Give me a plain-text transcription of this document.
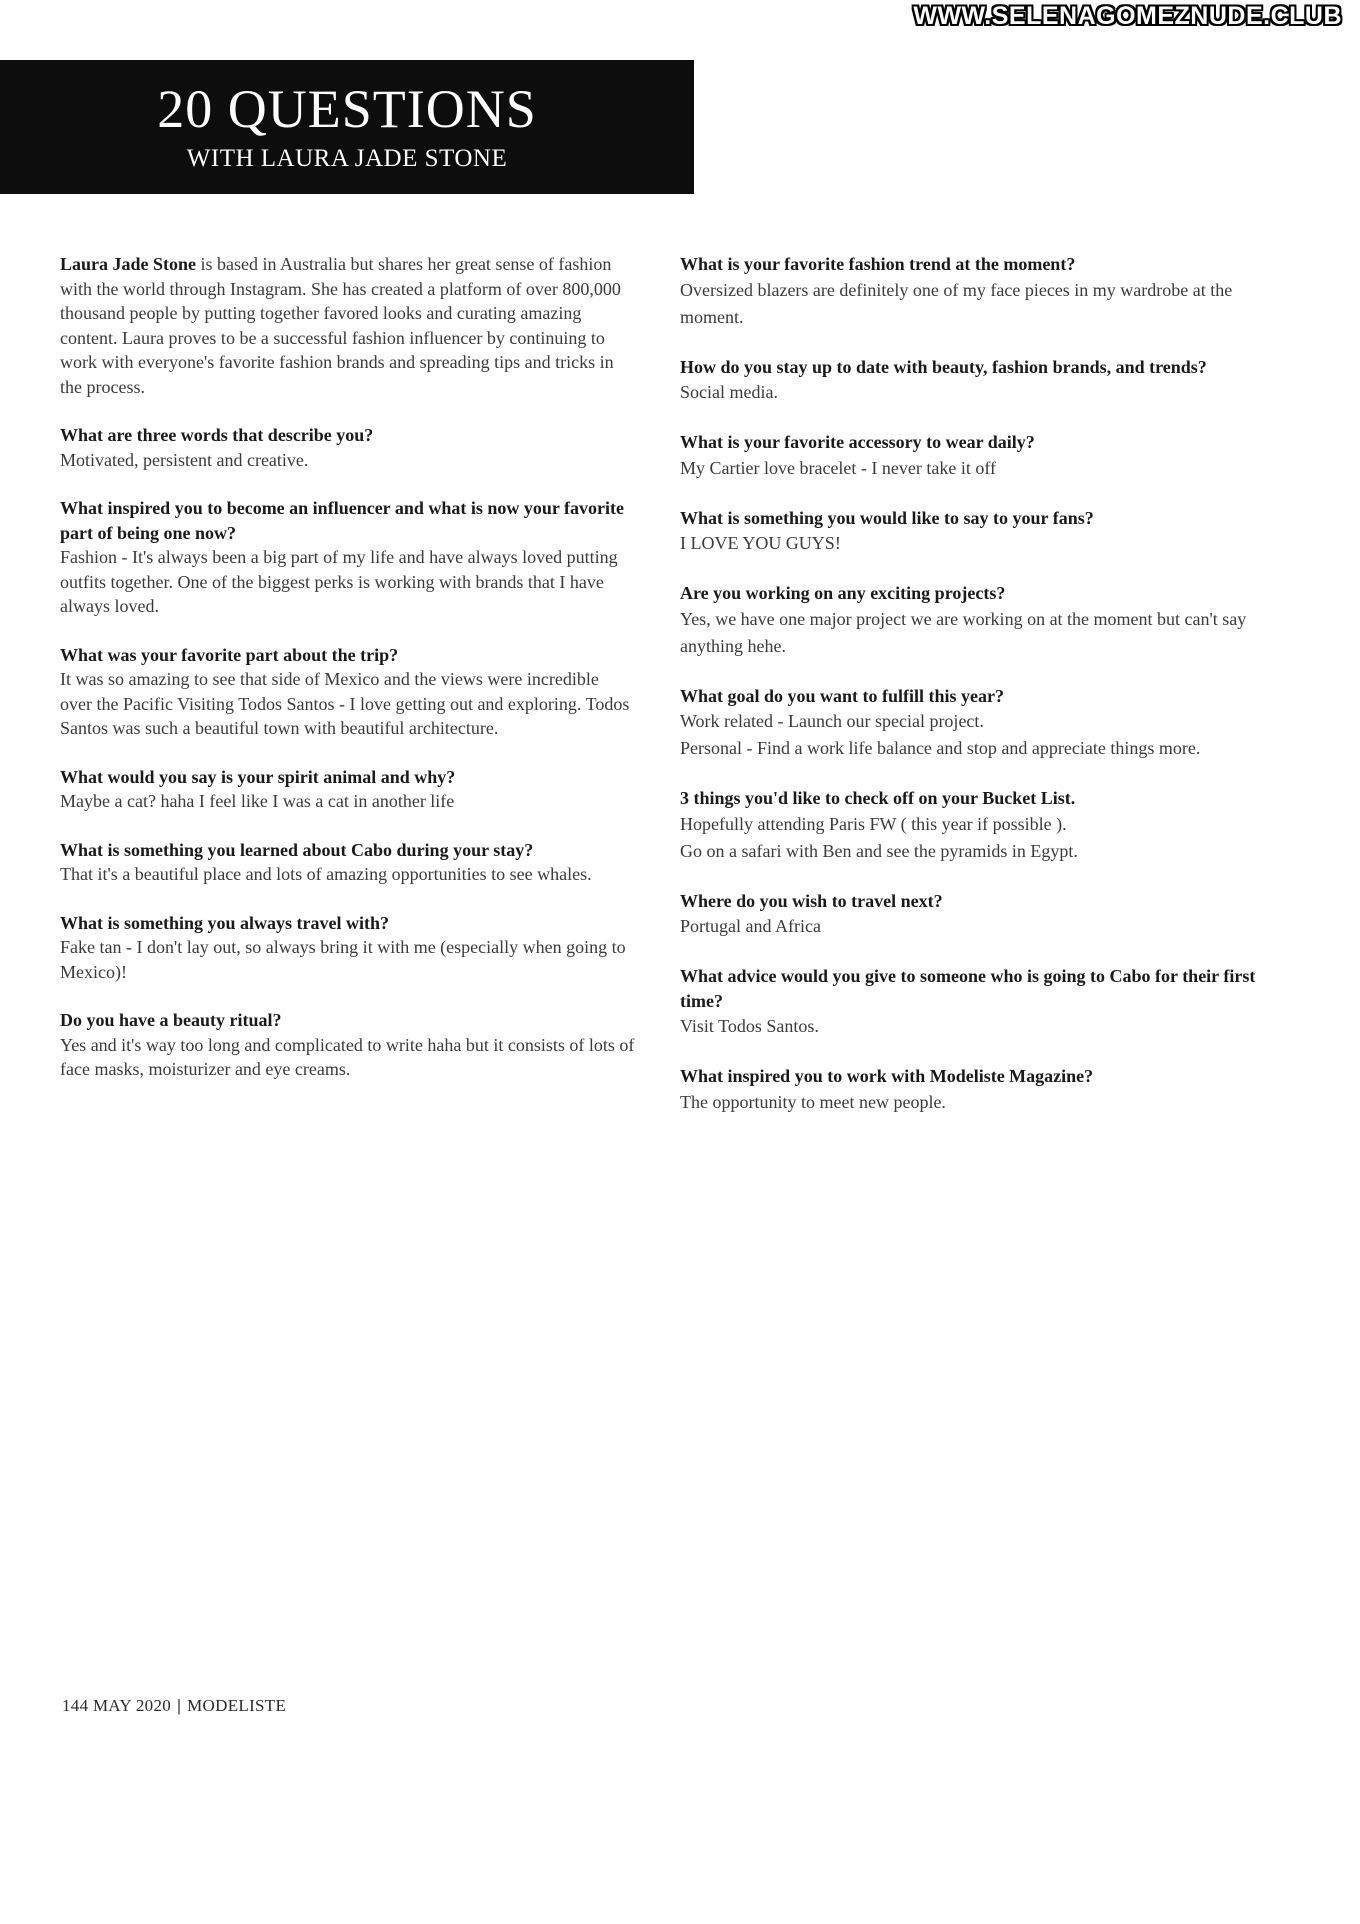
WWW.SELENAGOMEZNUDE.CLUB
20 QUESTIONS
WITH LAURA JADE STONE
Laura Jade Stone is based in Australia but shares her great sense of fashion with the world through Instagram. She has created a platform of over 800,000 thousand people by putting together favored looks and curating amazing content. Laura proves to be a successful fashion influencer by continuing to work with everyone's favorite fashion brands and spreading tips and tricks in the process.
What are three words that describe you?
Motivated, persistent and creative.
What inspired you to become an influencer and what is now your favorite part of being one now?
Fashion - It's always been a big part of my life and have always loved putting outfits together. One of the biggest perks is working with brands that I have always loved.
What was your favorite part about the trip?
It was so amazing to see that side of Mexico and the views were incredible over the Pacific Visiting Todos Santos - I love getting out and exploring. Todos Santos was such a beautiful town with beautiful architecture.
What would you say is your spirit animal and why?
Maybe a cat? haha I feel like I was a cat in another life
What is something you learned about Cabo during your stay?
That it's a beautiful place and lots of amazing opportunities to see whales.
What is something you always travel with?
Fake tan - I don't lay out, so always bring it with me (especially when going to Mexico)!
Do you have a beauty ritual?
Yes and it's way too long and complicated to write haha but it consists of lots of face masks, moisturizer and eye creams.
What is your favorite fashion trend at the moment?
Oversized blazers are definitely one of my face pieces in my wardrobe at the moment.
How do you stay up to date with beauty, fashion brands, and trends?
Social media.
What is your favorite accessory to wear daily?
My Cartier love bracelet - I never take it off
What is something you would like to say to your fans?
I LOVE YOU GUYS!
Are you working on any exciting projects?
Yes, we have one major project we are working on at the moment but can't say anything hehe.
What goal do you want to fulfill this year?
Work related - Launch our special project.
Personal - Find a work life balance and stop and appreciate things more.
3 things you'd like to check off on your Bucket List.
Hopefully attending Paris FW ( this year if possible ).
Go on a safari with Ben and see the pyramids in Egypt.
Where do you wish to travel next?
Portugal and Africa
What advice would you give to someone who is going to Cabo for their first time?
Visit Todos Santos.
What inspired you to work with Modeliste Magazine?
The opportunity to meet new people.
144 MAY 2020 | MODELISTE
